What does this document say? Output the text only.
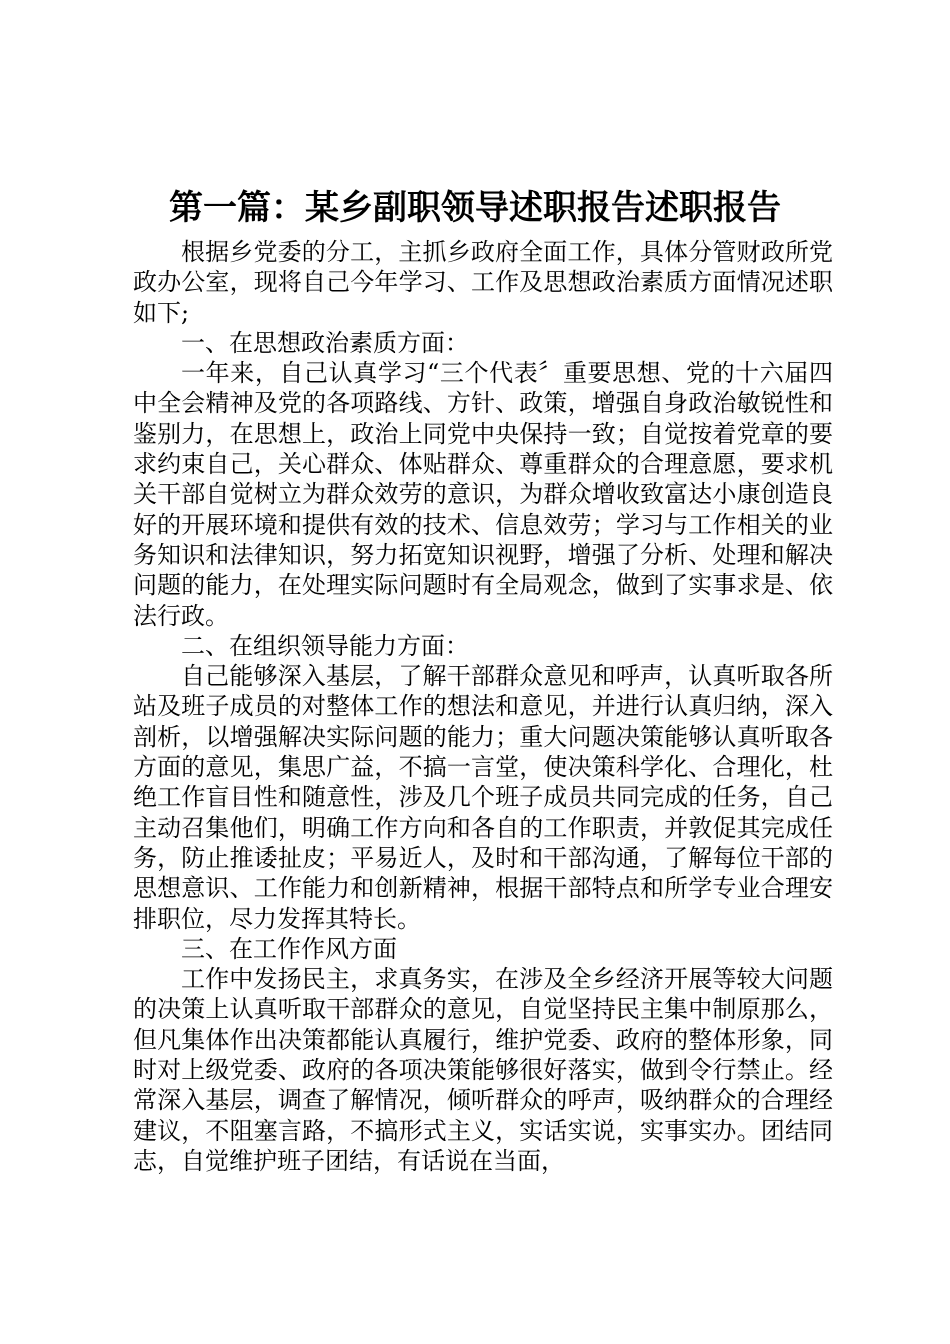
第一篇：某乡副职领导述职报告述职报告

根据乡党委的分工，主抓乡政府全面工作，具体分管财政所党政办公室，现将自己今年学习、工作及思想政治素质方面情况述职如下;

一、在思想政治素质方面：

一年来，自己认真学习“三个代表〞重要思想、党的十六届四中全会精神及党的各项路线、方针、政策，增强自身政治敏锐性和鉴别力，在思想上，政治上同党中央保持一致；自觉按着党章的要求约束自己，关心群众、体贴群众、尊重群众的合理意愿，要求机关干部自觉树立为群众效劳的意识，为群众增收致富达小康创造良好的开展环境和提供有效的技术、信息效劳；学习与工作相关的业务知识和法律知识，努力拓宽知识视野，增强了分析、处理和解决问题的能力，在处理实际问题时有全局观念，做到了实事求是、依法行政。

二、在组织领导能力方面：

自己能够深入基层，了解干部群众意见和呼声，认真听取各所站及班子成员的对整体工作的想法和意见，并进行认真归纳，深入剖析，以增强解决实际问题的能力；重大问题决策能够认真听取各方面的意见，集思广益，不搞一言堂，使决策科学化、合理化，杜绝工作盲目性和随意性，涉及几个班子成员共同完成的任务，自己主动召集他们，明确工作方向和各自的工作职责，并敦促其完成任务，防止推诿扯皮；平易近人，及时和干部沟通，了解每位干部的思想意识、工作能力和创新精神，根据干部特点和所学专业合理安排职位，尽力发挥其特长。

三、在工作作风方面

工作中发扬民主，求真务实，在涉及全乡经济开展等较大问题的决策上认真听取干部群众的意见，自觉坚持民主集中制原那么，但凡集体作出决策都能认真履行，维护党委、政府的整体形象，同时对上级党委、政府的各项决策能够很好落实，做到令行禁止。经常深入基层，调查了解情况，倾听群众的呼声，吸纳群众的合理经建议，不阻塞言路，不搞形式主义，实话实说，实事实办。团结同志，自觉维护班子团结，有话说在当面，
